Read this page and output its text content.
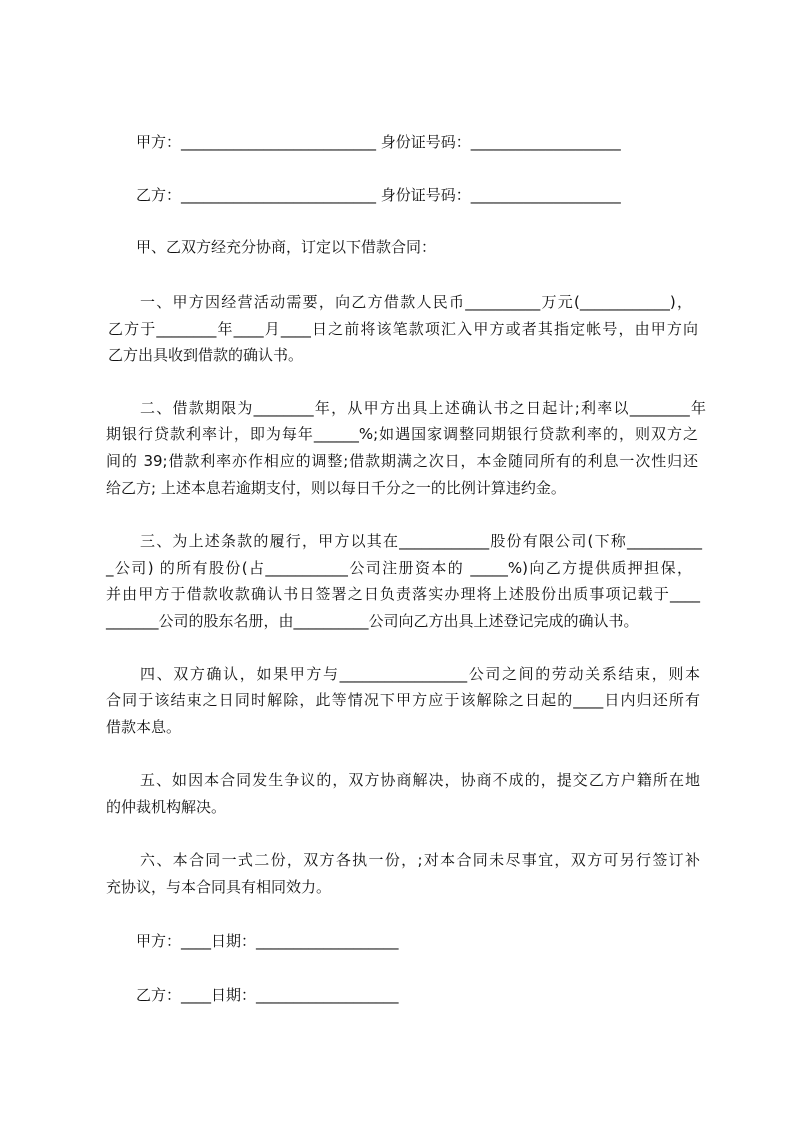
甲方：__________________________ 身份证号码：____________________
乙方：__________________________ 身份证号码：____________________
甲、乙双方经充分协商，订定以下借款合同：
一、甲方因经营活动需要，向乙方借款人民币__________万元(____________)，
乙方于________年____月____日之前将该笔款项汇入甲方或者其指定帐号，由甲方向
乙方出具收到借款的确认书。
二、借款期限为________年，从甲方出具上述确认书之日起计;利率以________年
期银行贷款利率计，即为每年______%;如遇国家调整同期银行贷款利率的，则双方之
间的 39;借款利率亦作相应的调整;借款期满之次日，本金随同所有的利息一次性归还
给乙方; 上述本息若逾期支付，则以每日千分之一的比例计算违约金。
三、为上述条款的履行，甲方以其在____________股份有限公司(下称__________
_公司) 的所有股份(占___________公司注册资本的 _____%)向乙方提供质押担保，
并由甲方于借款收款确认书日签署之日负责落实办理将上述股份出质事项记载于____
_______公司的股东名册，由__________公司向乙方出具上述登记完成的确认书。
四、双方确认，如果甲方与_________________公司之间的劳动关系结束，则本
合同于该结束之日同时解除，此等情况下甲方应于该解除之日起的____日内归还所有
借款本息。
五、如因本合同发生争议的，双方协商解决，协商不成的，提交乙方户籍所在地
的仲裁机构解决。
六、本合同一式二份，双方各执一份，;对本合同未尽事宜，双方可另行签订补
充协议，与本合同具有相同效力。
甲方：____日期：___________________
乙方：____日期：___________________
